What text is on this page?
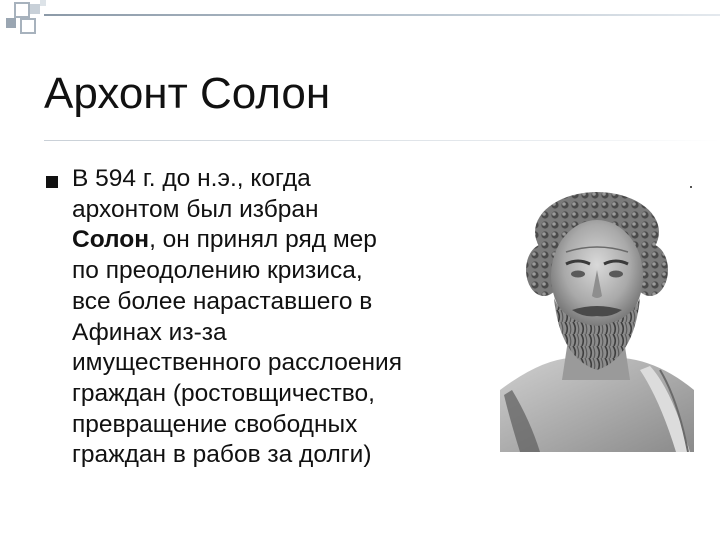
Архонт Солон

В 594 г. до н.э., когда
архонтом был избран
Солон, он принял ряд мер
по преодолению кризиса,
все более нараставшего в
Афинах из-за
имущественного расслоения
граждан (ростовщичество,
превращение свободных
граждан в рабов за долги)
